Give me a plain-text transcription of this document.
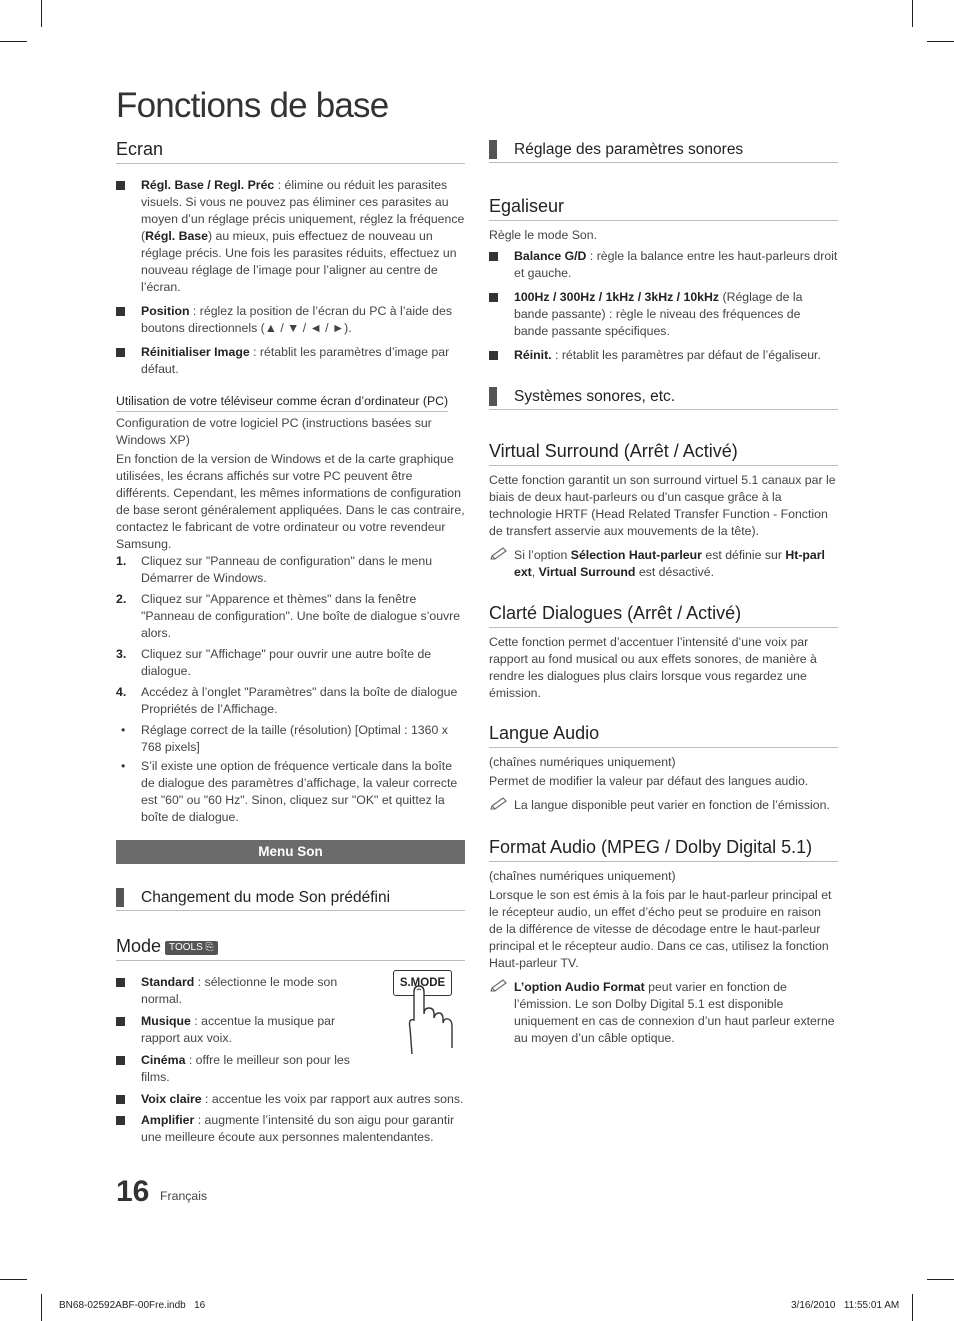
Fonctions de base
Ecran
Régl. Base / Regl. Préc : élimine ou réduit les parasites visuels. Si vous ne pouvez pas éliminer ces parasites au moyen d’un réglage précis uniquement, réglez la fréquence (Régl. Base) au mieux, puis effectuez de nouveau un réglage précis. Une fois les parasites réduits, effectuez un nouveau réglage de l’image pour l’aligner au centre de l’écran.
Position : réglez la position de l’écran du PC à l’aide des boutons directionnels (▲ / ▼ / ◄ / ►).
Réinitialiser Image : rétablit les paramètres d’image par défaut.
Utilisation de votre téléviseur comme écran d’ordinateur (PC)
Configuration de votre logiciel PC (instructions basées sur Windows XP)
En fonction de la version de Windows et de la carte graphique utilisées, les écrans affichés sur votre PC peuvent être différents. Cependant, les mêmes informations de configuration de base seront généralement appliquées. Dans le cas contraire, contactez le fabricant de votre ordinateur ou votre revendeur Samsung.
1. Cliquez sur "Panneau de configuration" dans le menu Démarrer de Windows.
2. Cliquez sur "Apparence et thèmes" dans la fenêtre "Panneau de configuration". Une boîte de dialogue s’ouvre alors.
3. Cliquez sur "Affichage" pour ouvrir une autre boîte de dialogue.
4. Accédez à l’onglet "Paramètres" dans la boîte de dialogue Propriétés de l’Affichage.
• Réglage correct de la taille (résolution) [Optimal : 1360 x 768 pixels]
• S’il existe une option de fréquence verticale dans la boîte de dialogue des paramètres d’affichage, la valeur correcte est "60" ou "60 Hz". Sinon, cliquez sur "OK" et quittez la boîte de dialogue.
Menu Son
Changement du mode Son prédéfini
Mode TOOLS ⎘
S.MODE
Standard : sélectionne le mode son normal.
Musique : accentue la musique par rapport aux voix.
Cinéma : offre le meilleur son pour les films.
Voix claire : accentue les voix par rapport aux autres sons.
Amplifier : augmente l’intensité du son aigu pour garantir une meilleure écoute aux personnes malentendantes.
Réglage des paramètres sonores
Egaliseur
Règle le mode Son.
Balance G/D : règle la balance entre les haut-parleurs droit et gauche.
100Hz / 300Hz / 1kHz / 3kHz / 10kHz (Réglage de la bande passante) : règle le niveau des fréquences de bande passante spécifiques.
Réinit. : rétablit les paramètres par défaut de l’égaliseur.
Systèmes sonores, etc.
Virtual Surround (Arrêt / Activé)
Cette fonction garantit un son surround virtuel 5.1 canaux par le biais de deux haut-parleurs ou d’un casque grâce à la technologie HRTF (Head Related Transfer Function - Fonction de transfert asservie aux mouvements de la tête).
Si l’option Sélection Haut-parleur est définie sur Ht-parl ext, Virtual Surround est désactivé.
Clarté Dialogues (Arrêt / Activé)
Cette fonction permet d’accentuer l’intensité d’une voix par rapport au fond musical ou aux effets sonores, de manière à rendre les dialogues plus clairs lorsque vous regardez une émission.
Langue Audio
(chaînes numériques uniquement)
Permet de modifier la valeur par défaut des langues audio.
La langue disponible peut varier en fonction de l’émission.
Format Audio (MPEG / Dolby Digital 5.1)
(chaînes numériques uniquement)
Lorsque le son est émis à la fois par le haut-parleur principal et le récepteur audio, un effet d’écho peut se produire en raison de la différence de vitesse de décodage entre le haut-parleur principal et le récepteur audio. Dans ce cas, utilisez la fonction Haut-parleur TV.
L’option Audio Format peut varier en fonction de l’émission. Le son Dolby Digital 5.1 est disponible uniquement en cas de connexion d’un haut parleur externe au moyen d’un câble optique.
16 Français
BN68-02592ABF-00Fre.indb   16	3/16/2010   11:55:01 AM
